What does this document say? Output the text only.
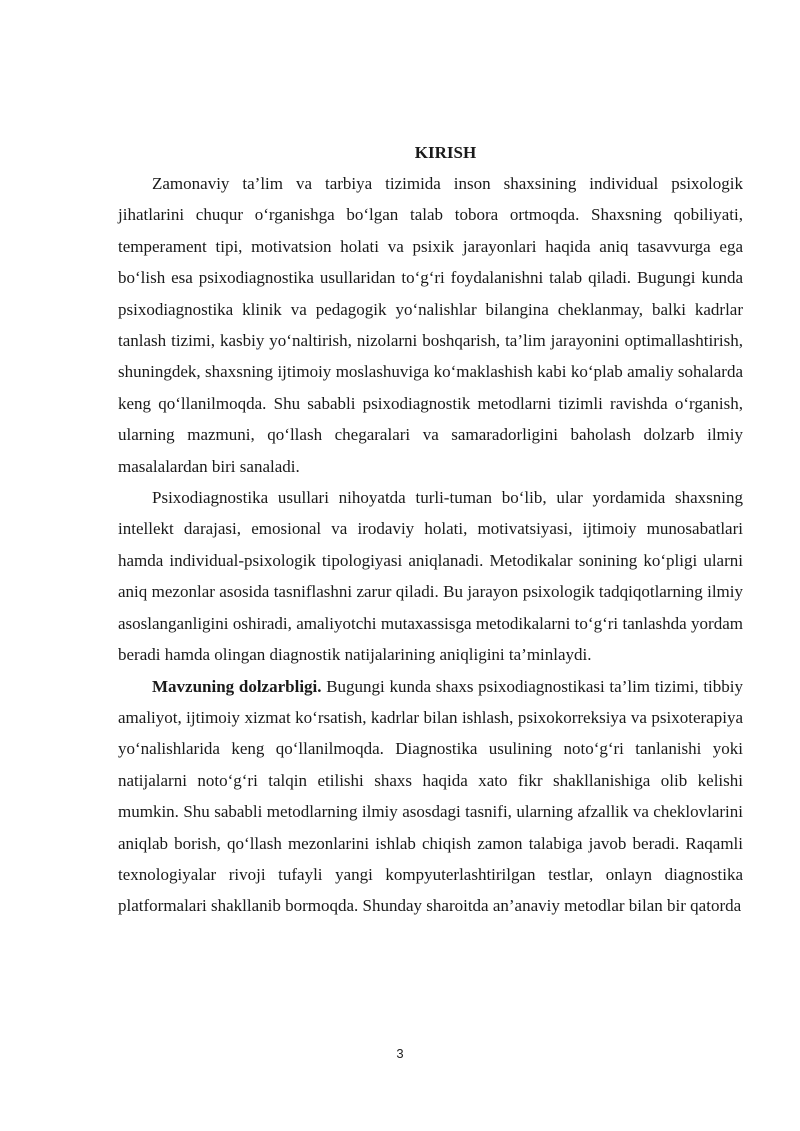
KIRISH

Zamonaviy ta’lim va tarbiya tizimida inson shaxsining individual psixologik jihatlarini chuqur o‘rganishga bo‘lgan talab tobora ortmoqda. Shaxsning qobiliyati, temperament tipi, motivatsion holati va psixik jarayonlari haqida aniq tasavvurga ega bo‘lish esa psixodiagnostika usullaridan to‘g‘ri foydalanishni talab qiladi. Bugungi kunda psixodiagnostika klinik va pedagogik yo‘nalishlar bilangina cheklanmay, balki kadrlar tanlash tizimi, kasbiy yo‘naltirish, nizolarni boshqarish, ta’lim jarayonini optimallashtirish, shuningdek, shaxsning ijtimoiy moslashuviga ko‘maklashish kabi ko‘plab amaliy sohalarda keng qo‘llanilmoqda. Shu sababli psixodiagnostik metodlarni tizimli ravishda o‘rganish, ularning mazmuni, qo‘llash chegaralari va samaradorligini baholash dolzarb ilmiy masalalardan biri sanaladi.

Psixodiagnostika usullari nihoyatda turli-tuman bo‘lib, ular yordamida shaxsning intellekt darajasi, emosional va irodaviy holati, motivatsiyasi, ijtimoiy munosabatlari hamda individual-psixologik tipologiyasi aniqlanadi. Metodikalar sonining ko‘pligi ularni aniq mezonlar asosida tasniflashni zarur qiladi. Bu jarayon psixologik tadqiqotlarning ilmiy asoslanganligini oshiradi, amaliyotchi mutaxassisga metodikalarni to‘g‘ri tanlashda yordam beradi hamda olingan diagnostik natijalarining aniqligini ta’minlaydi.

Mavzuning dolzarbligi. Bugungi kunda shaxs psixodiagnostikasi ta’lim tizimi, tibbiy amaliyot, ijtimoiy xizmat ko‘rsatish, kadrlar bilan ishlash, psixokorreksiya va psixoterapiya yo‘nalishlarida keng qo‘llanilmoqda. Diagnostika usulining noto‘g‘ri tanlanishi yoki natijalarni noto‘g‘ri talqin etilishi shaxs haqida xato fikr shakllanishiga olib kelishi mumkin. Shu sababli metodlarning ilmiy asosdagi tasnifi, ularning afzallik va cheklovlarini aniqlab borish, qo‘llash mezonlarini ishlab chiqish zamon talabiga javob beradi. Raqamli texnologiyalar rivoji tufayli yangi kompyuterlashtirilgan testlar, onlayn diagnostika platformalari shakllanib bormoqda. Shunday sharoitda an’anaviy metodlar bilan bir qatorda

3
